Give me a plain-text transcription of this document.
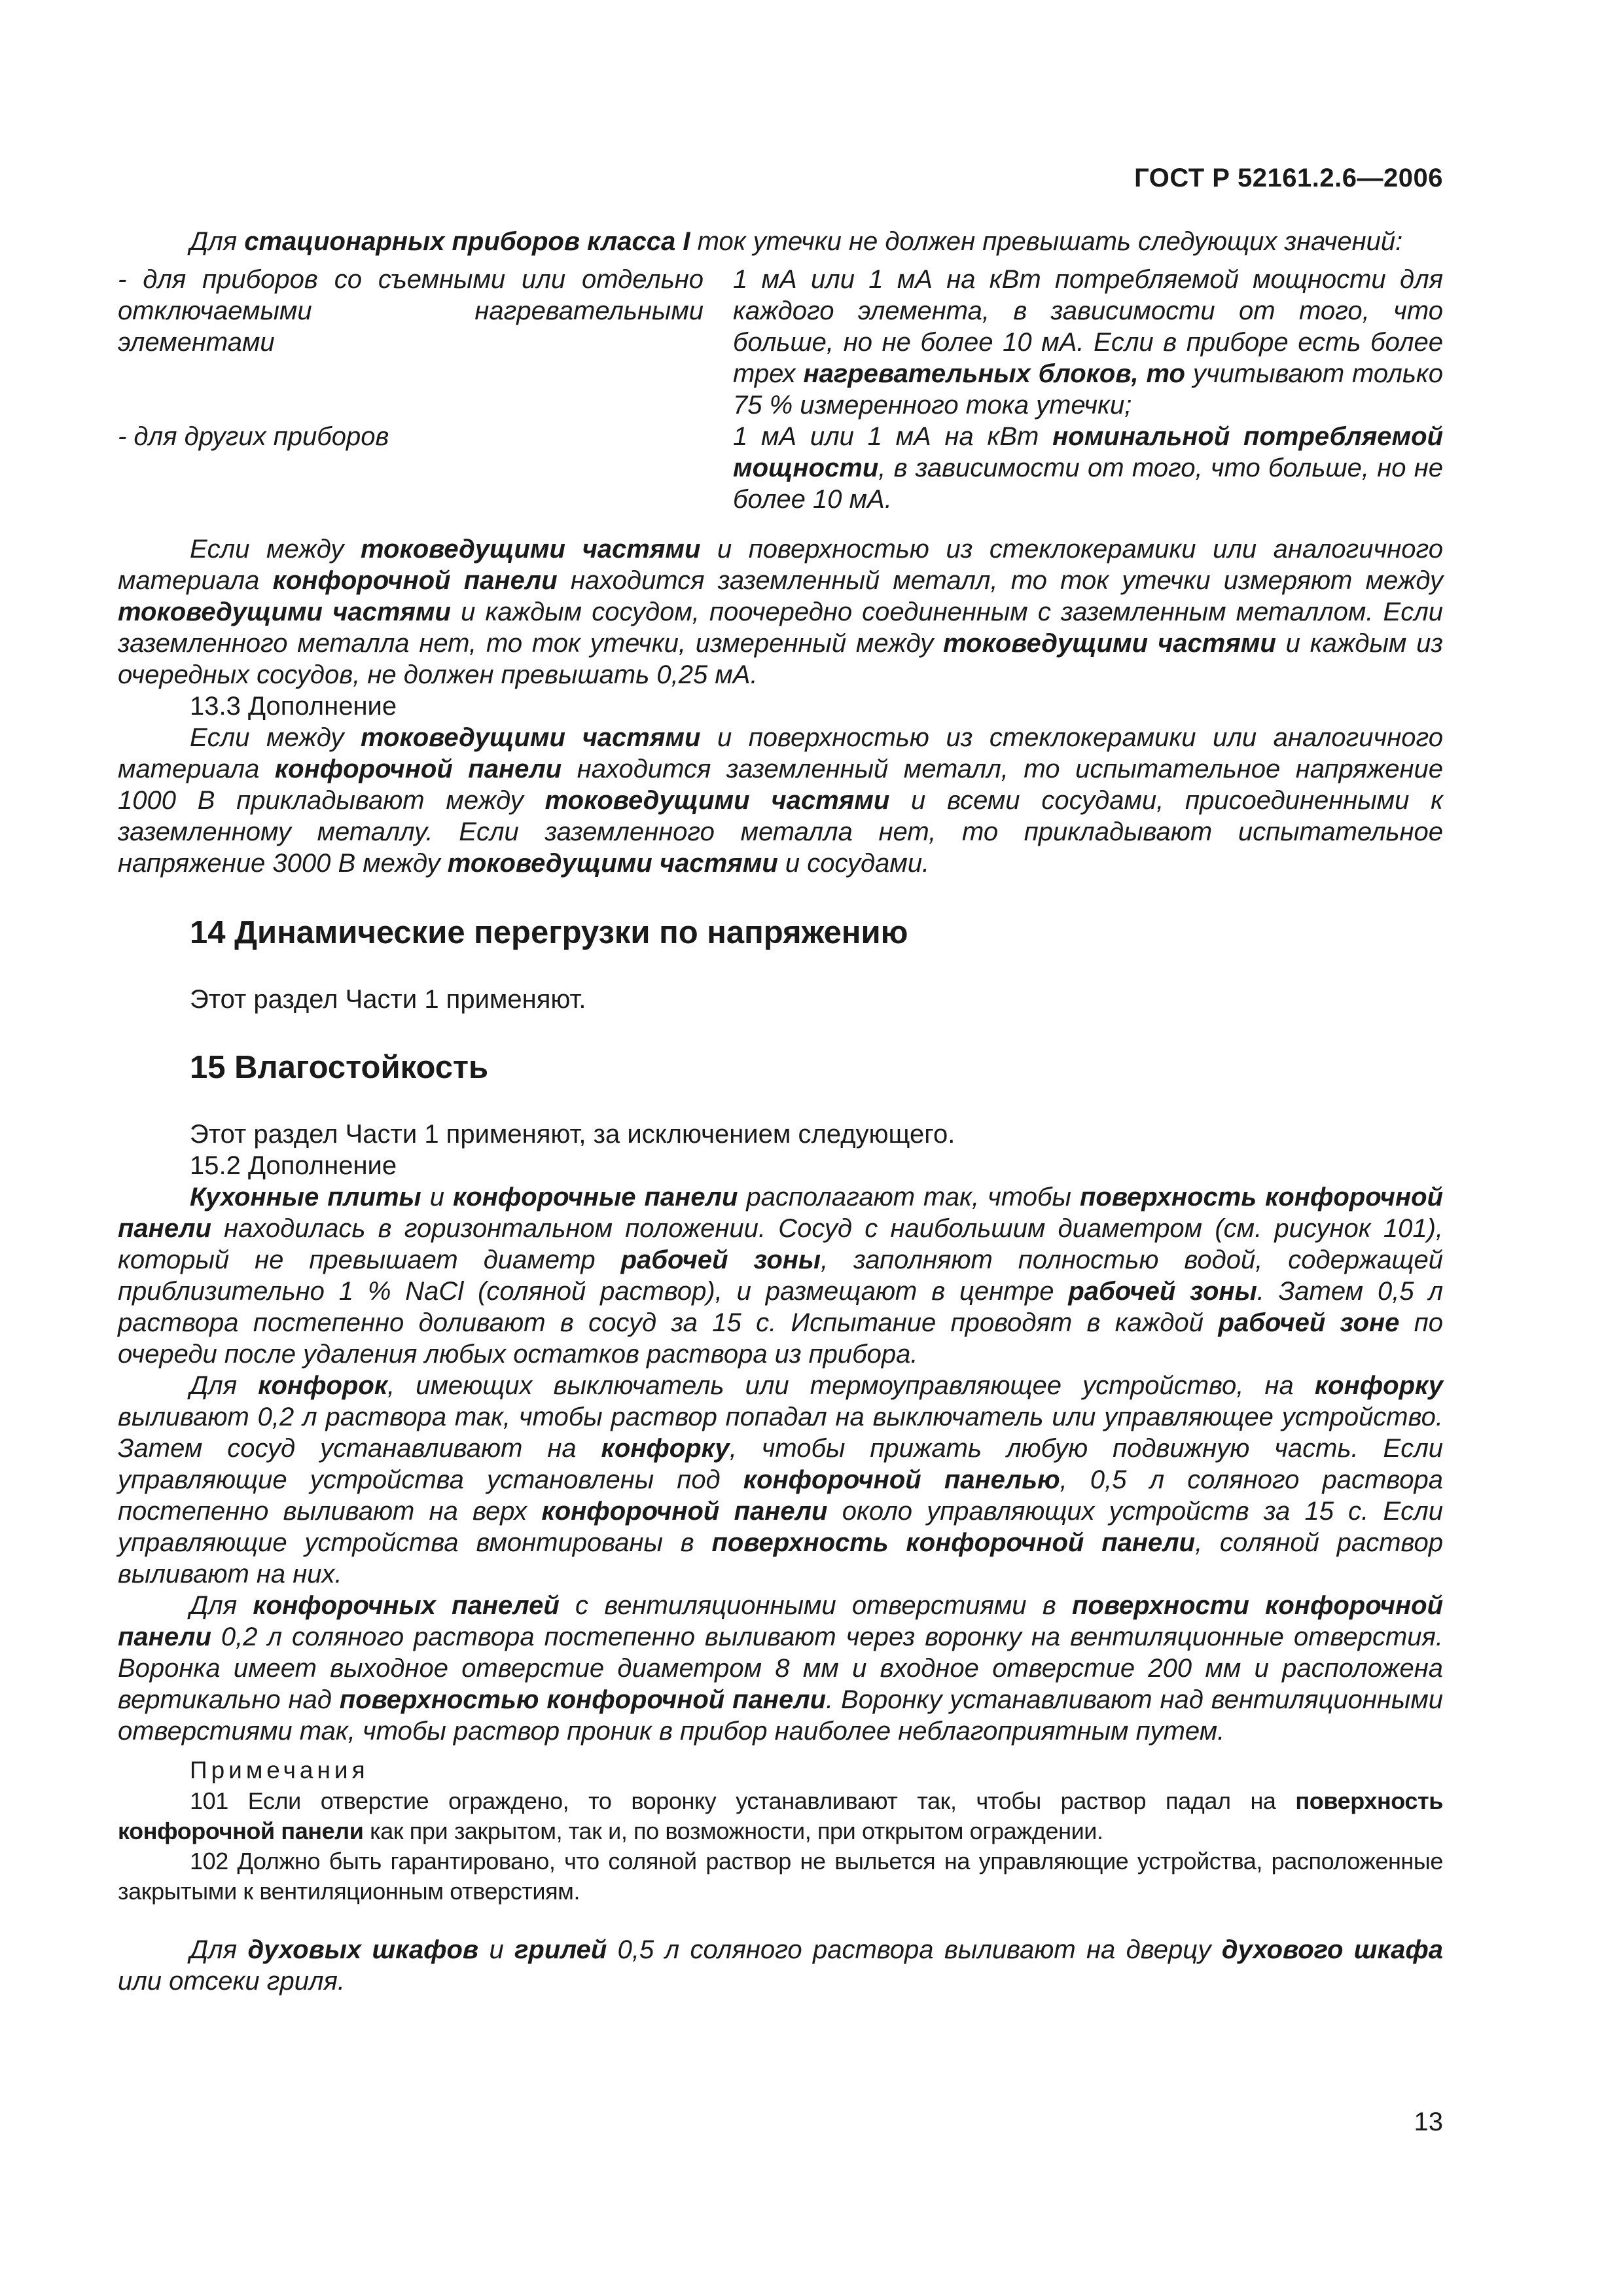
ГОСТ Р 52161.2.6—2006

Для стационарных приборов класса I ток утечки не должен превышать следующих значений:

- для приборов со съемными или отдельно отключаемыми нагревательными элементами

1 мА или 1 мА на кВт потребляемой мощности для каждого элемента, в зависимости от того, что больше, но не более 10 мА. Если в приборе есть более трех нагревательных блоков, то учитывают только 75 % измеренного тока утечки;

- для других приборов	1 мА или 1 мА на кВт номинальной потребляемой мощности, в зависимости от того, что больше, но не более 10 мА.

Если между токоведущими частями и поверхностью из стеклокерамики или аналогичного материала конфорочной панели находится заземленный металл, то ток утечки измеряют между токоведущими частями и каждым сосудом, поочередно соединенным с заземленным металлом. Если заземленного металла нет, то ток утечки, измеренный между токоведущими частями и каждым из очередных сосудов, не должен превышать 0,25 мА.

13.3 Дополнение

Если между токоведущими частями и поверхностью из стеклокерамики или аналогичного материала конфорочной панели находится заземленный металл, то испытательное напряжение 1000 В прикладывают между токоведущими частями и всеми сосудами, присоединенными к заземленному металлу. Если заземленного металла нет, то прикладывают испытательное напряжение 3000 В между токоведущими частями и сосудами.

14 Динамические перегрузки по напряжению

Этот раздел Части 1 применяют.

15 Влагостойкость

Этот раздел Части 1 применяют, за исключением следующего.

15.2 Дополнение

Кухонные плиты и конфорочные панели располагают так, чтобы поверхность конфорочной панели находилась в горизонтальном положении. Сосуд с наибольшим диаметром (см. рисунок 101), который не превышает диаметр рабочей зоны, заполняют полностью водой, содержащей приблизительно 1 % NaCl (соляной раствор), и размещают в центре рабочей зоны. Затем 0,5 л раствора постепенно доливают в сосуд за 15 с. Испытание проводят в каждой рабочей зоне по очереди после удаления любых остатков раствора из прибора.

Для конфорок, имеющих выключатель или термоуправляющее устройство, на конфорку выливают 0,2 л раствора так, чтобы раствор попадал на выключатель или управляющее устройство. Затем сосуд устанавливают на конфорку, чтобы прижать любую подвижную часть. Если управляющие устройства установлены под конфорочной панелью, 0,5 л соляного раствора постепенно выливают на верх конфорочной панели около управляющих устройств за 15 с. Если управляющие устройства вмонтированы в поверхность конфорочной панели, соляной раствор выливают на них.

Для конфорочных панелей с вентиляционными отверстиями в поверхности конфорочной панели 0,2 л соляного раствора постепенно выливают через воронку на вентиляционные отверстия. Воронка имеет выходное отверстие диаметром 8 мм и входное отверстие 200 мм и расположена вертикально над поверхностью конфорочной панели. Воронку устанавливают над вентиляционными отверстиями так, чтобы раствор проник в прибор наиболее неблагоприятным путем.

Примечания

101 Если отверстие ограждено, то воронку устанавливают так, чтобы раствор падал на поверхность конфорочной панели как при закрытом, так и, по возможности, при открытом ограждении.

102 Должно быть гарантировано, что соляной раствор не выльется на управляющие устройства, расположенные закрытыми к вентиляционным отверстиям.

Для духовых шкафов и грилей 0,5 л соляного раствора выливают на дверцу духового шкафа или отсеки гриля.

13
